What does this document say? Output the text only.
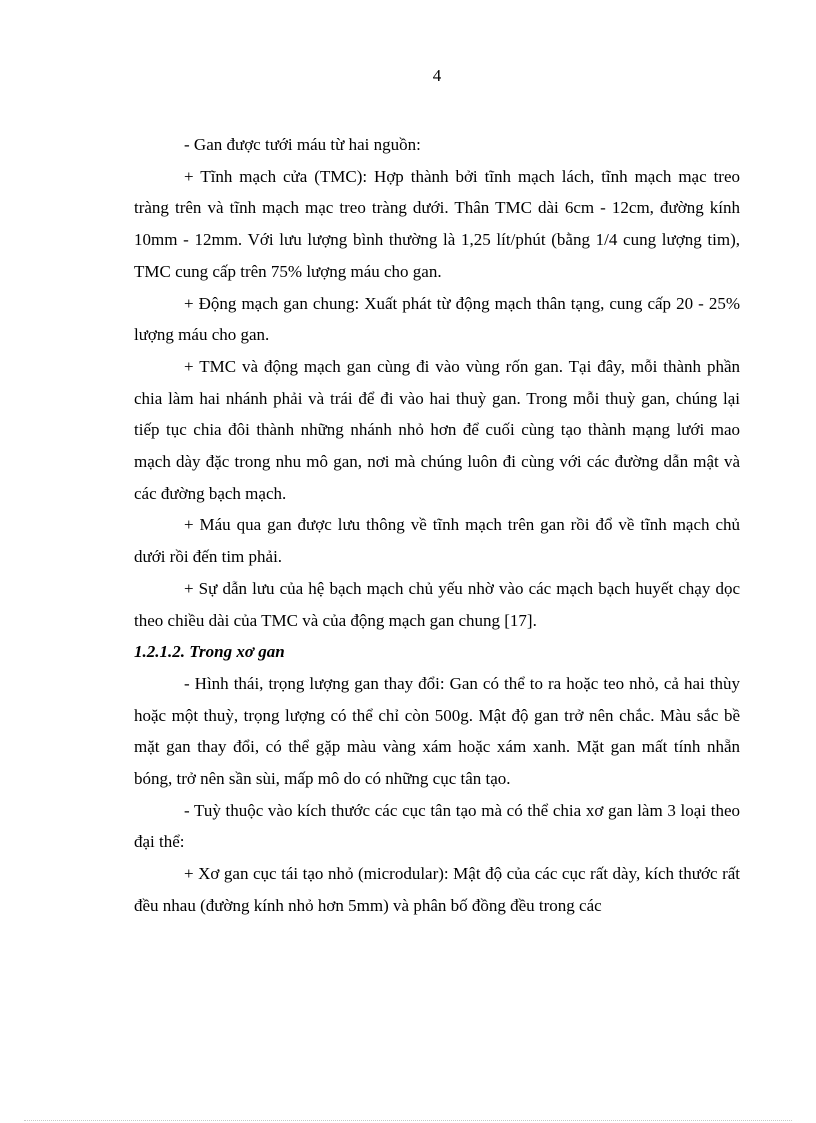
4

- Gan được tưới máu từ hai nguồn:

+ Tĩnh mạch cửa (TMC): Hợp thành bởi tĩnh mạch lách, tĩnh mạch mạc treo tràng trên và tĩnh mạch mạc treo tràng dưới. Thân TMC dài 6cm - 12cm, đường kính 10mm - 12mm. Với lưu lượng bình thường là 1,25 lít/phút (bằng 1/4 cung lượng tim), TMC cung cấp trên 75% lượng máu cho gan.

+ Động mạch gan chung: Xuất phát từ động mạch thân tạng, cung cấp 20 - 25% lượng máu cho gan.

+ TMC và động mạch gan cùng đi vào vùng rốn gan. Tại đây, mỗi thành phần chia làm hai nhánh phải và trái để đi vào hai thuỳ gan. Trong mỗi thuỳ gan, chúng lại tiếp tục chia đôi thành những nhánh nhỏ hơn để cuối cùng tạo thành mạng lưới mao mạch dày đặc trong nhu mô gan, nơi mà chúng luôn đi cùng với các đường dẫn mật và các đường bạch mạch.

+ Máu qua gan được lưu thông về tĩnh mạch trên gan rồi đổ về tĩnh mạch chủ dưới rồi đến tim phải.

+ Sự dẫn lưu của hệ bạch mạch chủ yếu nhờ vào các mạch bạch huyết chạy dọc theo chiều dài của TMC và của động mạch gan chung [17].

1.2.1.2. Trong xơ gan

- Hình thái, trọng lượng gan thay đổi: Gan có thể to ra hoặc teo nhỏ, cả hai thùy hoặc một thuỳ, trọng lượng có thể chỉ còn 500g. Mật độ gan trở nên chắc. Màu sắc bề mặt gan thay đổi, có thể gặp màu vàng xám hoặc xám xanh. Mặt gan mất tính nhẵn bóng, trở nên sần sùi, mấp mô do có những cục tân tạo.

- Tuỳ thuộc vào kích thước các cục tân tạo mà có thể chia xơ gan làm 3 loại theo đại thể:

+ Xơ gan cục tái tạo nhỏ (microdular): Mật độ của các cục rất dày, kích thước rất đều nhau (đường kính nhỏ hơn 5mm) và phân bố đồng đều trong các
